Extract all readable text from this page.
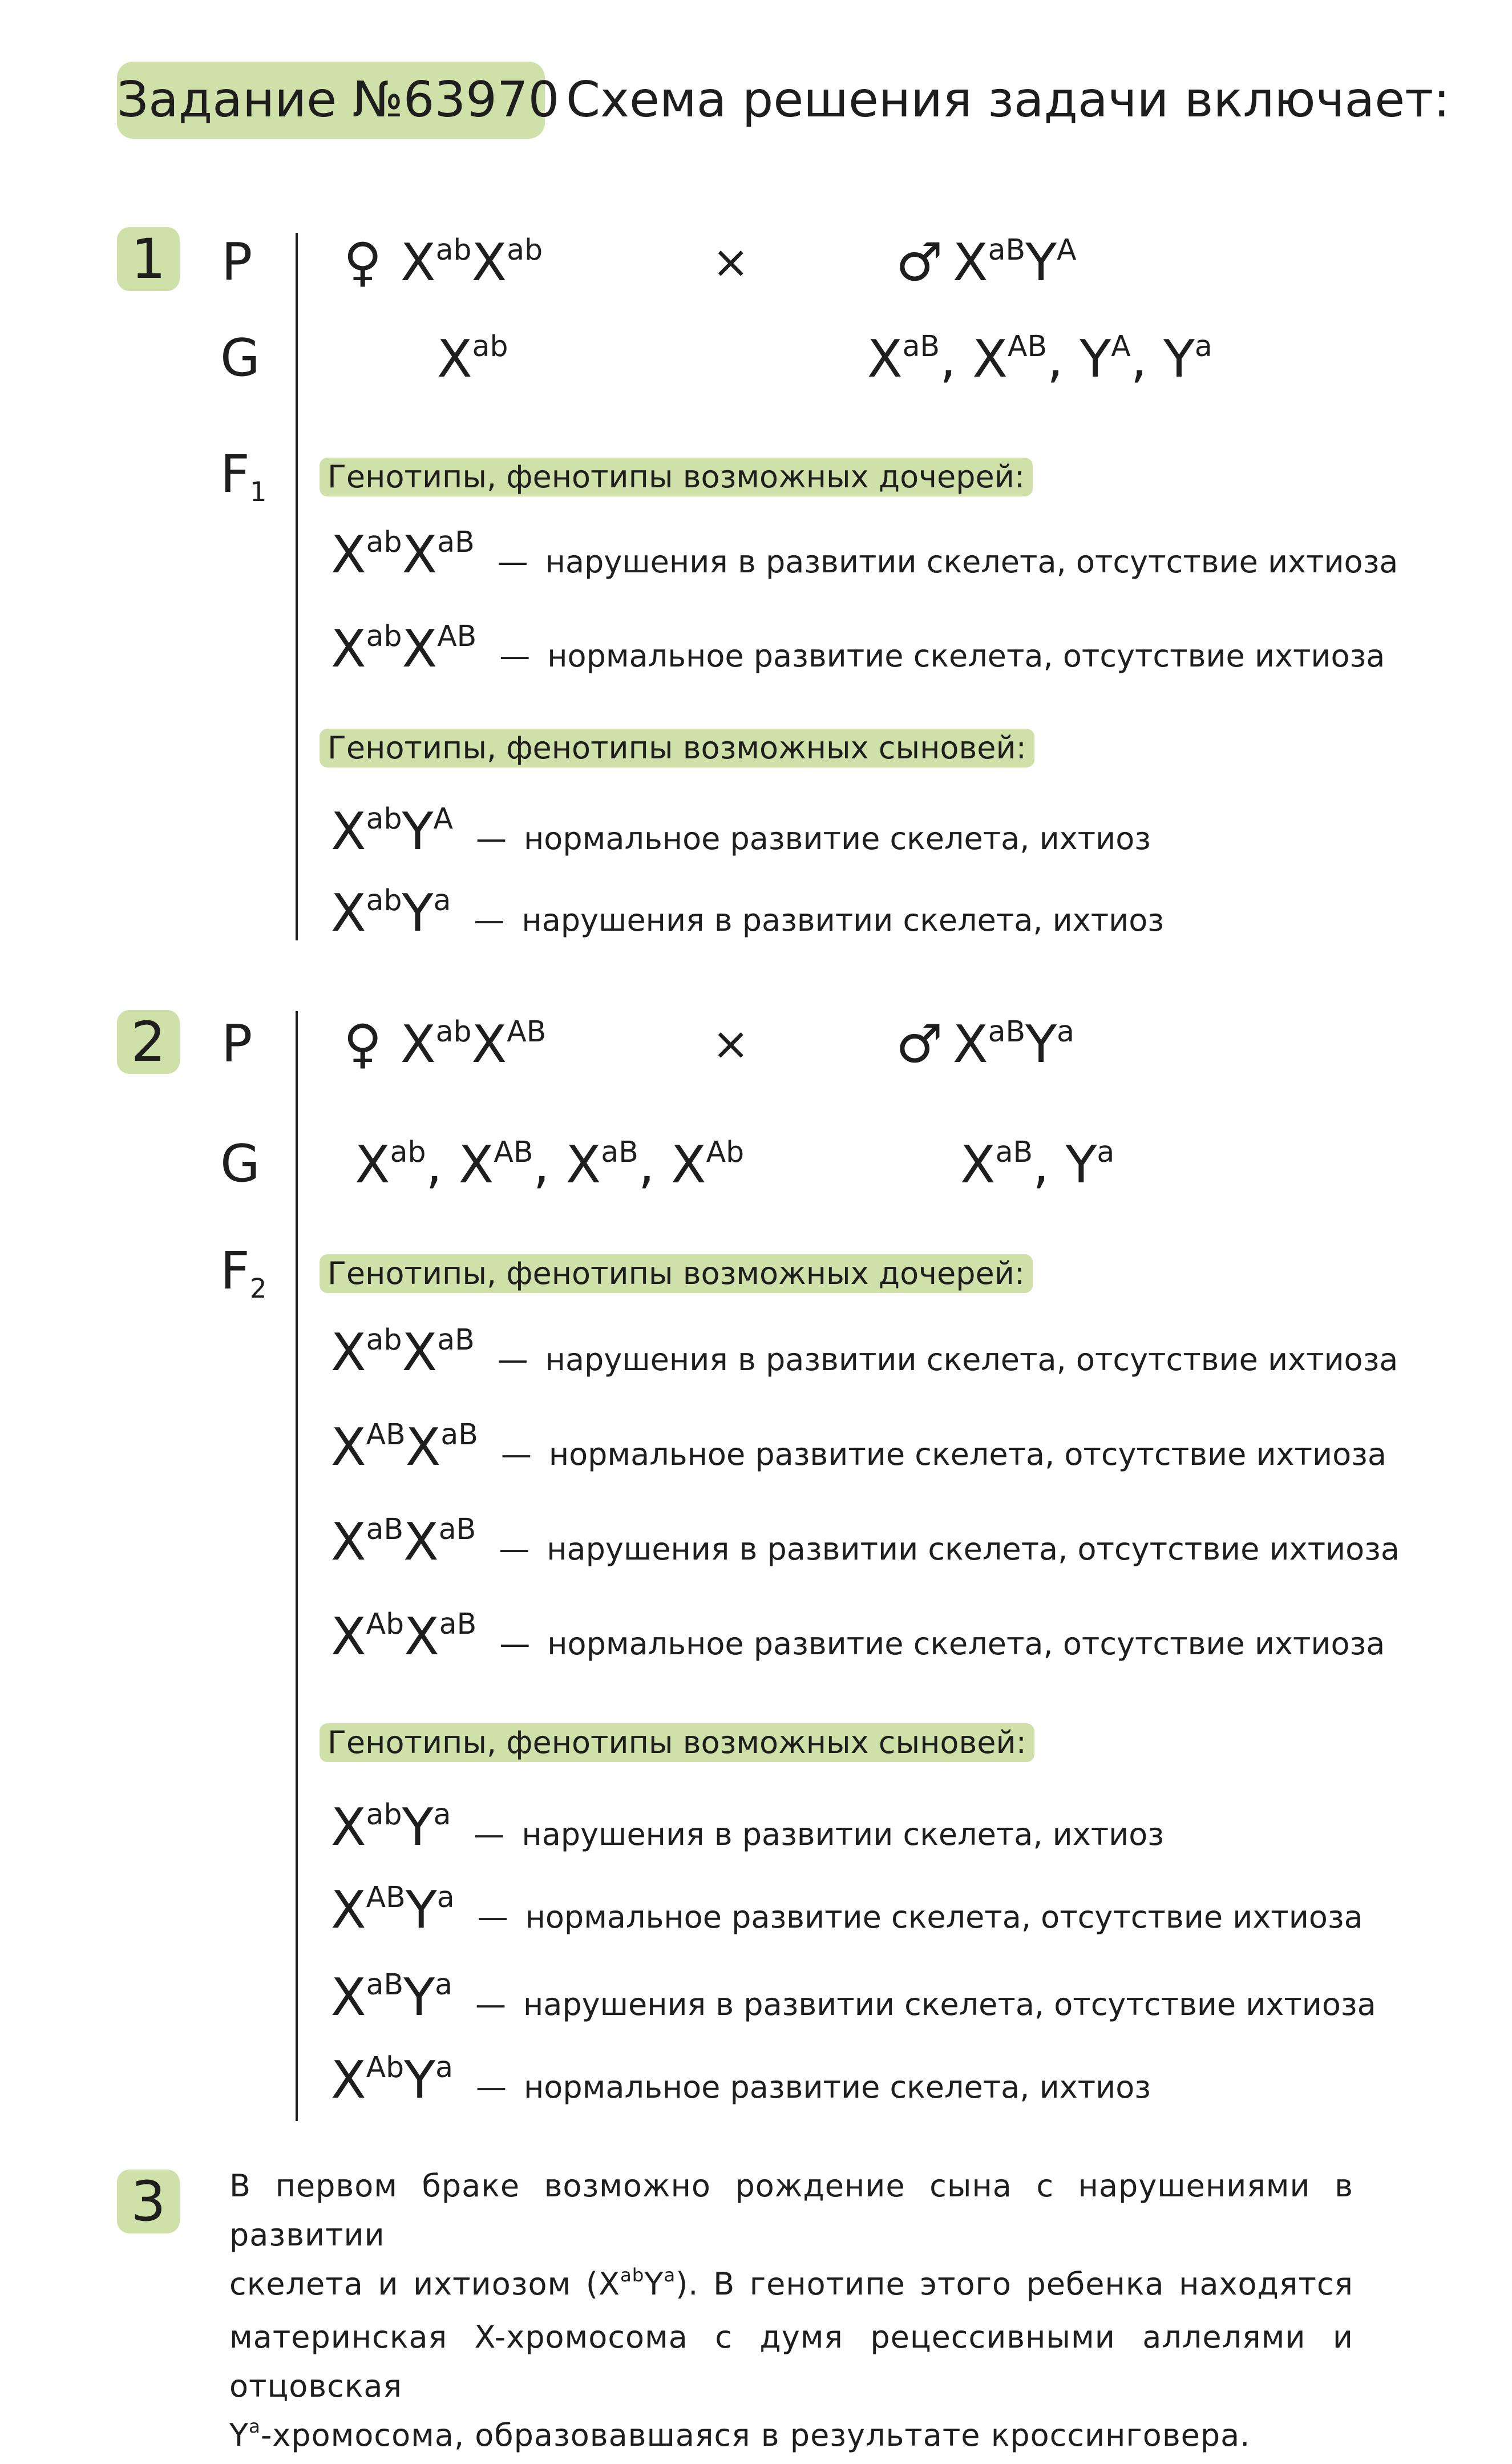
Задание №63970 Схема решения задачи включает:
1
2
3
P
G
F1
♀ $X^{ab}X^{ab}$	×	♂ $X^{aB}Y^A$
$X^{ab}$	$X^{aB}$, $X^{AB}$, $Y^A$, $Y^a$
Генотипы, фенотипы возможных дочерей:
$X^{ab}X^{aB}$
— нарушения в развитии скелета, отсутствие ихтиоза
$X^{ab}X^{AB}$
— нормальное развитие скелета, отсутствие ихтиоза
Генотипы, фенотипы возможных сыновей:
$X^{ab}Y^A$
— нормальное развитие скелета, ихтиоз
$X^{ab}Y^a$
— нарушения в развитии скелета, ихтиоз
P
G
F2
♀ $X^{ab}X^{AB}$	×	♂ $X^{aB}Y^a$
$X^{ab}$, $X^{AB}$, $X^{aB}$, $X^{Ab}$	$X^{aB}$, $Y^a$
Генотипы, фенотипы возможных дочерей:
$X^{ab}X^{aB}$
— нарушения в развитии скелета, отсутствие ихтиоза
$X^{AB}X^{aB}$
— нормальное развитие скелета, отсутствие ихтиоза
$X^{aB}X^{aB}$
— нарушения в развитии скелета, отсутствие ихтиоза
$X^{Ab}X^{aB}$
— нормальное развитие скелета, отсутствие ихтиоза
Генотипы, фенотипы возможных сыновей:
$X^{ab}Y^a$
— нарушения в развитии скелета, ихтиоз
$X^{AB}Y^a$
— нормальное развитие скелета, отсутствие ихтиоза
$X^{aB}Y^a$
— нарушения в развитии скелета, отсутствие ихтиоза
$X^{Ab}Y^a$
— нормальное развитие скелета, ихтиоз
В первом браке возможно рождение сына с нарушениями в развитии
скелета и ихтиозом $(X^{ab}Y^a)$. В генотипе этого ребенка находятся
материнская X-хромосома с думя рецессивными аллелями и отцовская
$Y^a$-хромосома, образовавшаяся в результате кроссинговера.
